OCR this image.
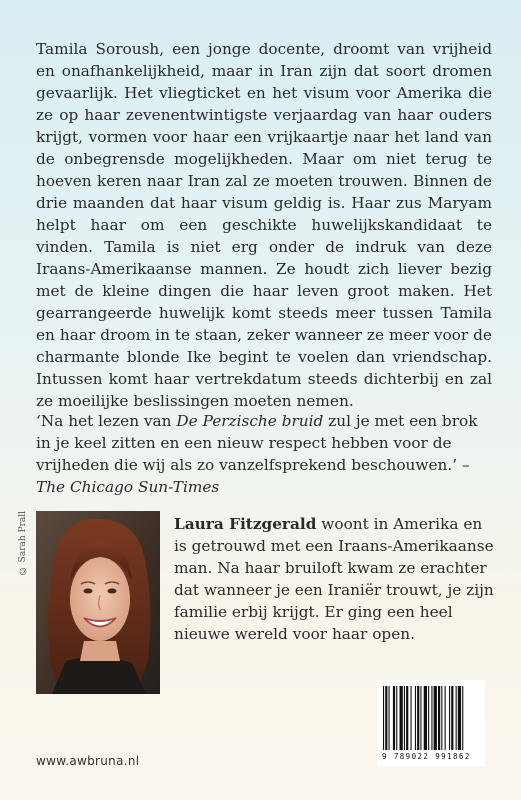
Tamila Soroush, een jonge docente, droomt van vrijheid en onafhankelijkheid, maar in Iran zijn dat soort dromen gevaarlijk. Het vliegticket en het visum voor Amerika die ze op haar zevenentwintigste verjaardag van haar ouders krijgt, vormen voor haar een vrijkaartje naar het land van de onbegrensde mogelijkheden. Maar om niet terug te hoeven keren naar Iran zal ze moeten trouwen. Binnen de drie maanden dat haar visum geldig is. Haar zus Maryam helpt haar om een geschikte huwelijkskandidaat te vinden. Tamila is niet erg onder de indruk van deze Iraans-Amerikaanse mannen. Ze houdt zich liever bezig met de kleine dingen die haar leven groot maken. Het gearrangeerde huwelijk komt steeds meer tussen Tamila en haar droom in te staan, zeker wanneer ze meer voor de charmante blonde Ike begint te voelen dan vriendschap. Intussen komt haar vertrekdatum steeds dichterbij en zal ze moeilijke beslissingen moeten nemen.

‘Na het lezen van De Perzische bruid zul je met een brok in je keel zitten en een nieuw respect hebben voor de vrijheden die wij als zo vanzelfsprekend beschouwen.’ – The Chicago Sun-Times

© Sarah Prall	Laura Fitzgerald woont in Amerika en is getrouwd met een Iraans-Amerikaanse man. Na haar bruiloft kwam ze erachter dat wanneer je een Iraniër trouwt, je zijn familie erbij krijgt. Er ging een heel nieuwe wereld voor haar open.

www.awbruna.nl	9 789022 991862
